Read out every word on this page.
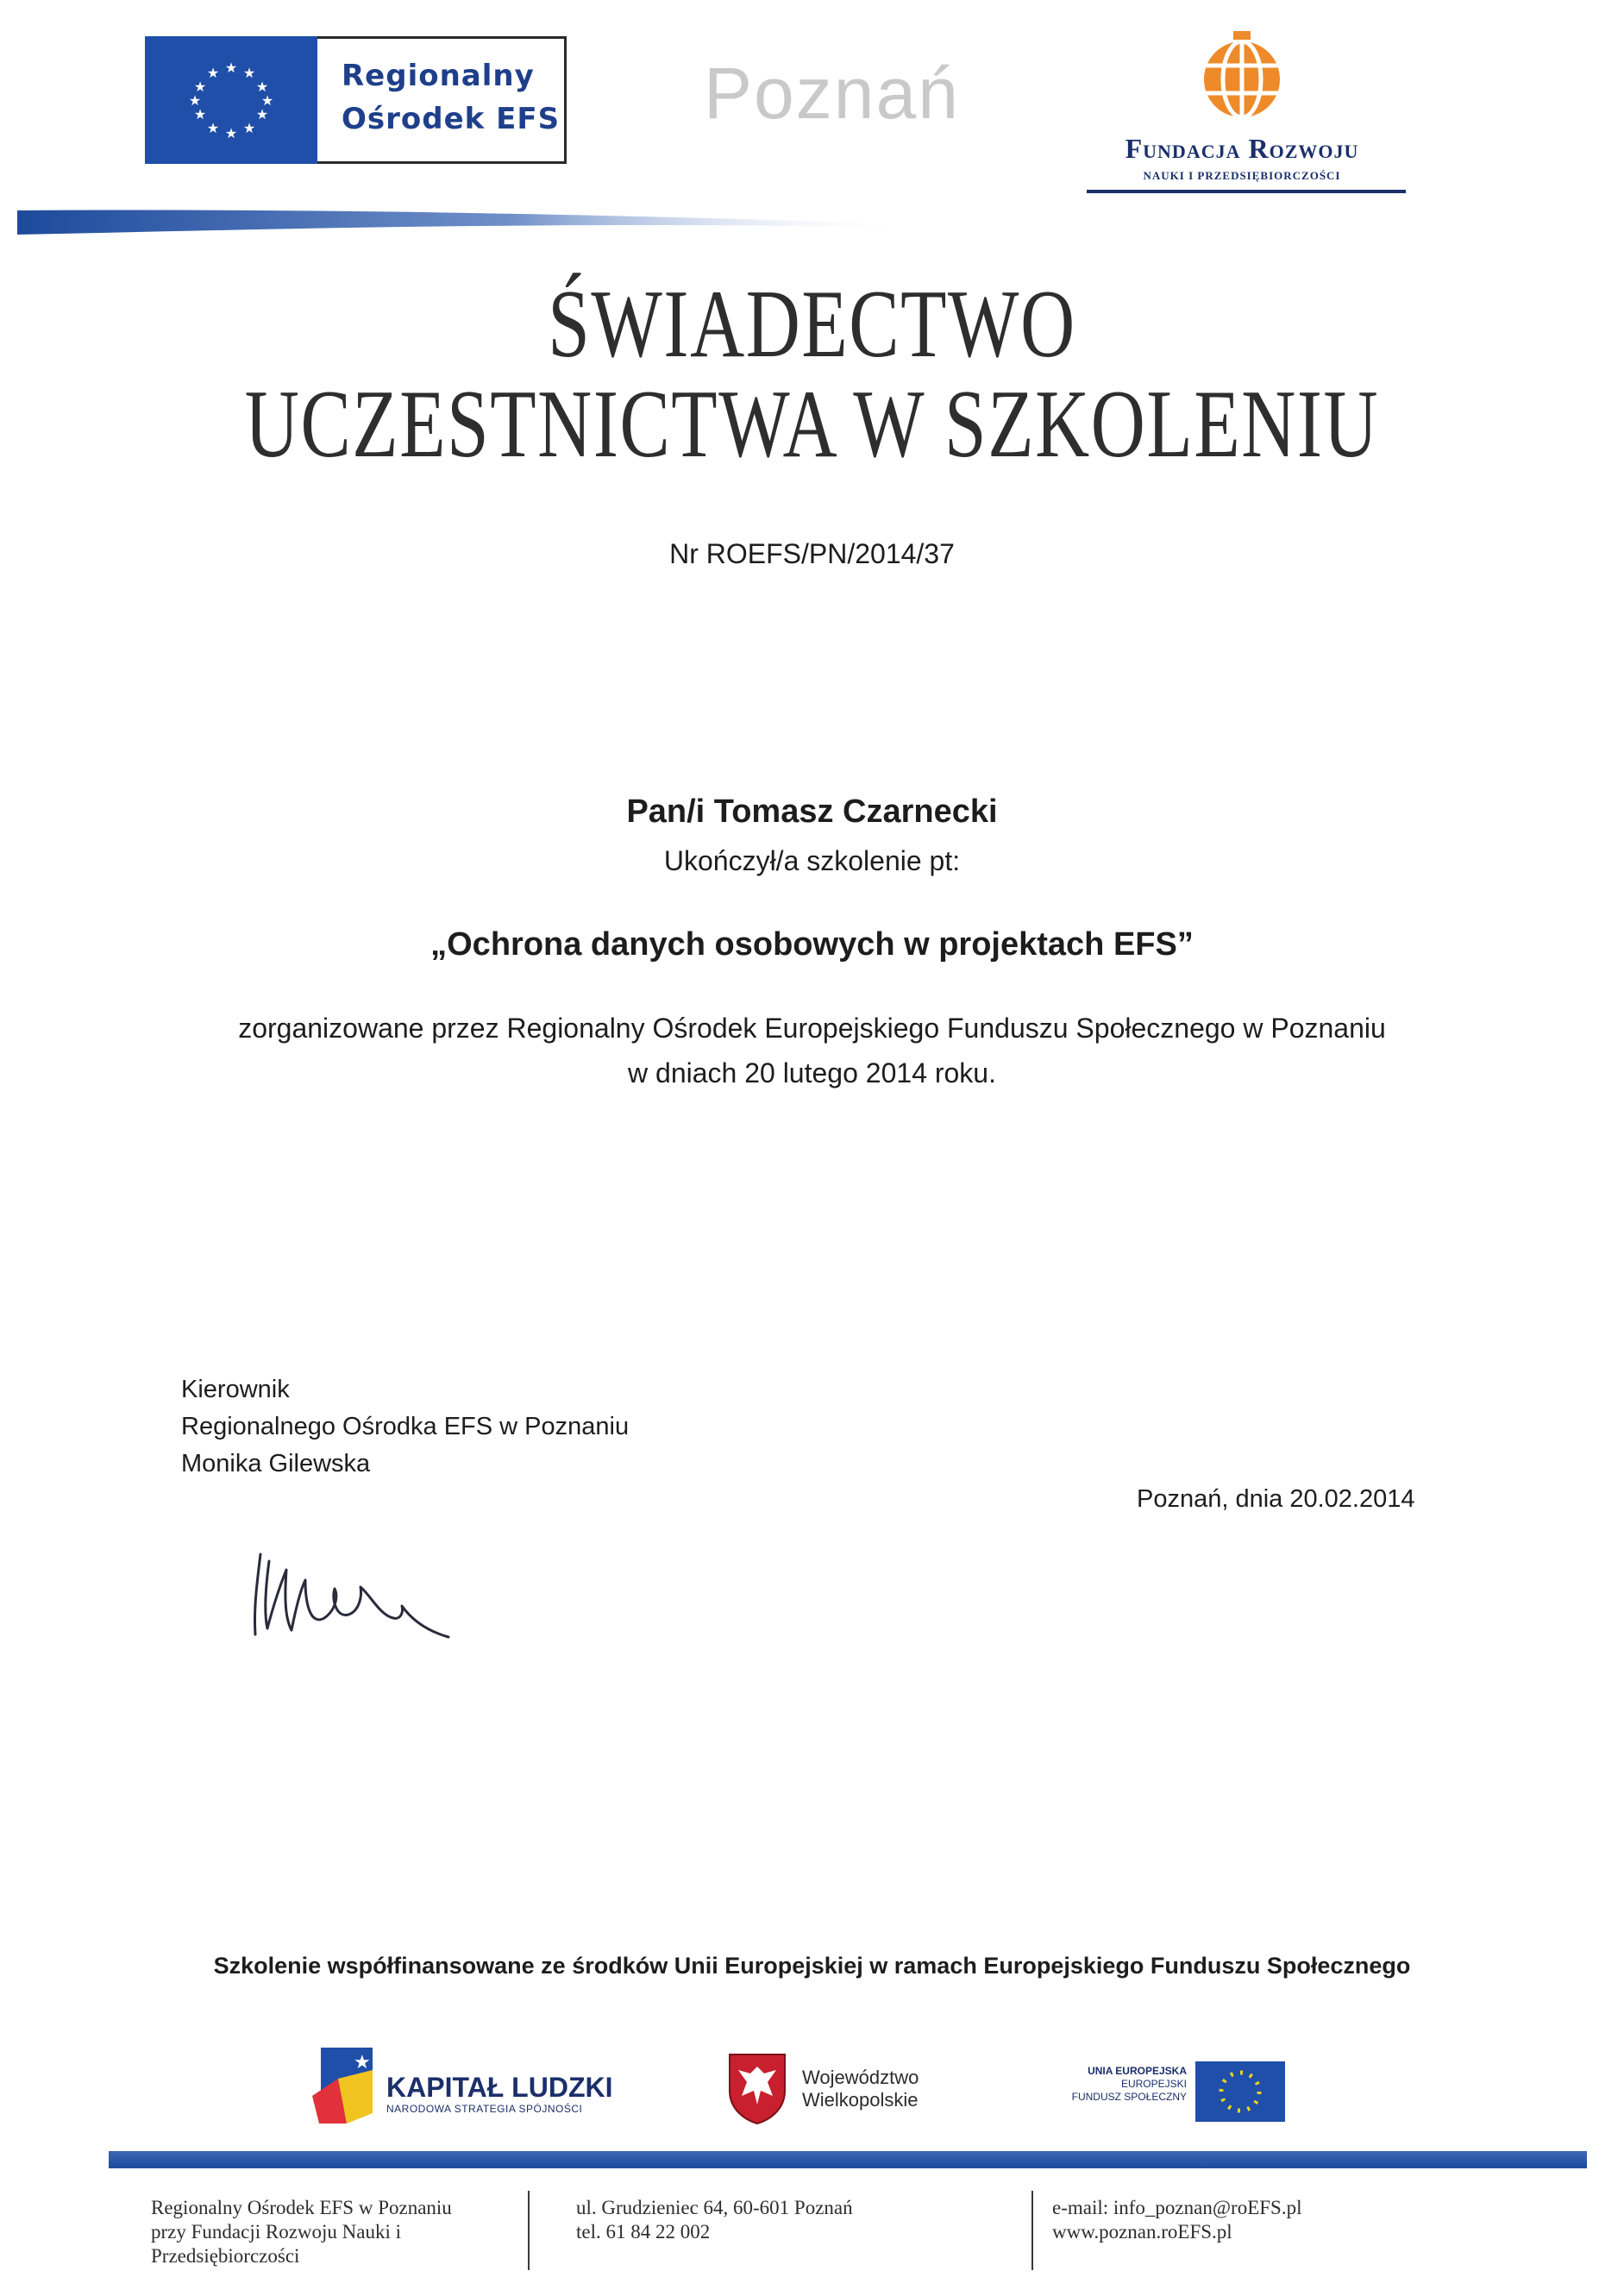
★ ★
★
★
★
★
★
★
★
★
★
★	Regionalny
Ośrodek EFS Poznań
Fundacja Rozwoju
NAUKI I PRZEDSIĘBIORCZOŚCI
ŚWIADECTWO
UCZESTNICTWA W SZKOLENIU
Nr ROEFS/PN/2014/37
Pan/i Tomasz Czarnecki
Ukończył/a szkolenie pt:
„Ochrona danych osobowych w projektach EFS”
zorganizowane przez Regionalny Ośrodek Europejskiego Funduszu Społecznego w Poznaniu
w dniach 20 lutego 2014 roku.
Kierownik
Regionalnego Ośrodka EFS w Poznaniu
Monika Gilewska
Poznań, dnia 20.02.2014
Szkolenie współfinansowane ze środków Unii Europejskiej w ramach Europejskiego Funduszu Społecznego
★
KAPITAŁ LUDZKI
NARODOWA STRATEGIA SPÓJNOŚCI
Województwo
Wielkopolskie
UNIA EUROPEJSKA
EUROPEJSKI
FUNDUSZ SPOŁECZNY
Regionalny Ośrodek EFS w Poznaniu
przy Fundacji Rozwoju Nauki i
Przedsiębiorczości
ul. Grudzieniec 64, 60-601 Poznań
tel. 61 84 22 002
e-mail: info_poznan@roEFS.pl
www.poznan.roEFS.pl
